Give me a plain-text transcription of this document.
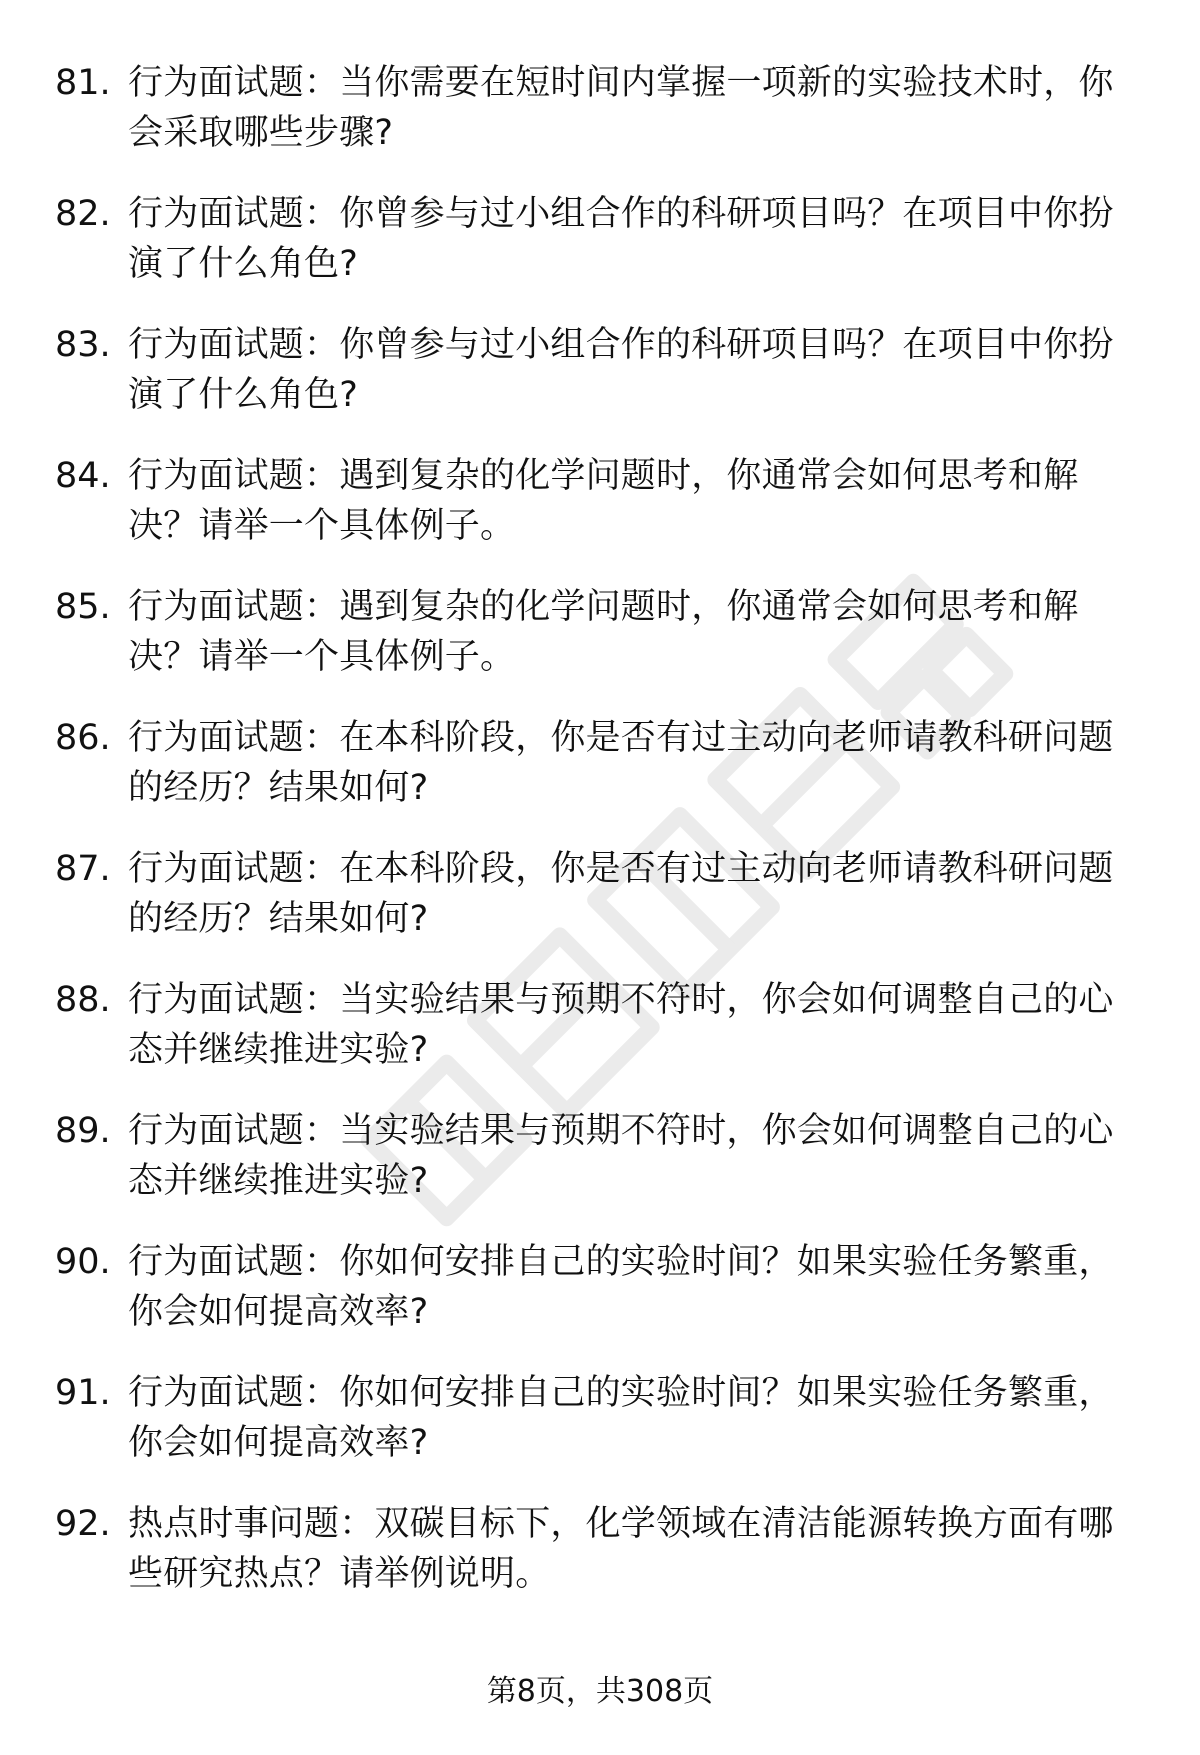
81. 行为面试题：当你需要在短时间内掌握一项新的实验技术时，你
会采取哪些步骤?
82. 行为面试题：你曾参与过小组合作的科研项目吗？在项目中你扮
演了什么角色?
83. 行为面试题：你曾参与过小组合作的科研项目吗？在项目中你扮
演了什么角色?
84. 行为面试题：遇到复杂的化学问题时，你通常会如何思考和解
决？请举一个具体例子。
85. 行为面试题：遇到复杂的化学问题时，你通常会如何思考和解
决？请举一个具体例子。
86. 行为面试题：在本科阶段，你是否有过主动向老师请教科研问题
的经历？结果如何?
87. 行为面试题：在本科阶段，你是否有过主动向老师请教科研问题
的经历？结果如何?
88. 行为面试题：当实验结果与预期不符时，你会如何调整自己的心
态并继续推进实验?
89. 行为面试题：当实验结果与预期不符时，你会如何调整自己的心
态并继续推进实验?
90. 行为面试题：你如何安排自己的实验时间？如果实验任务繁重，
你会如何提高效率?
91. 行为面试题：你如何安排自己的实验时间？如果实验任务繁重，
你会如何提高效率?
92. 热点时事问题：双碳目标下，化学领域在清洁能源转换方面有哪
些研究热点？请举例说明。
第8页，共308页
